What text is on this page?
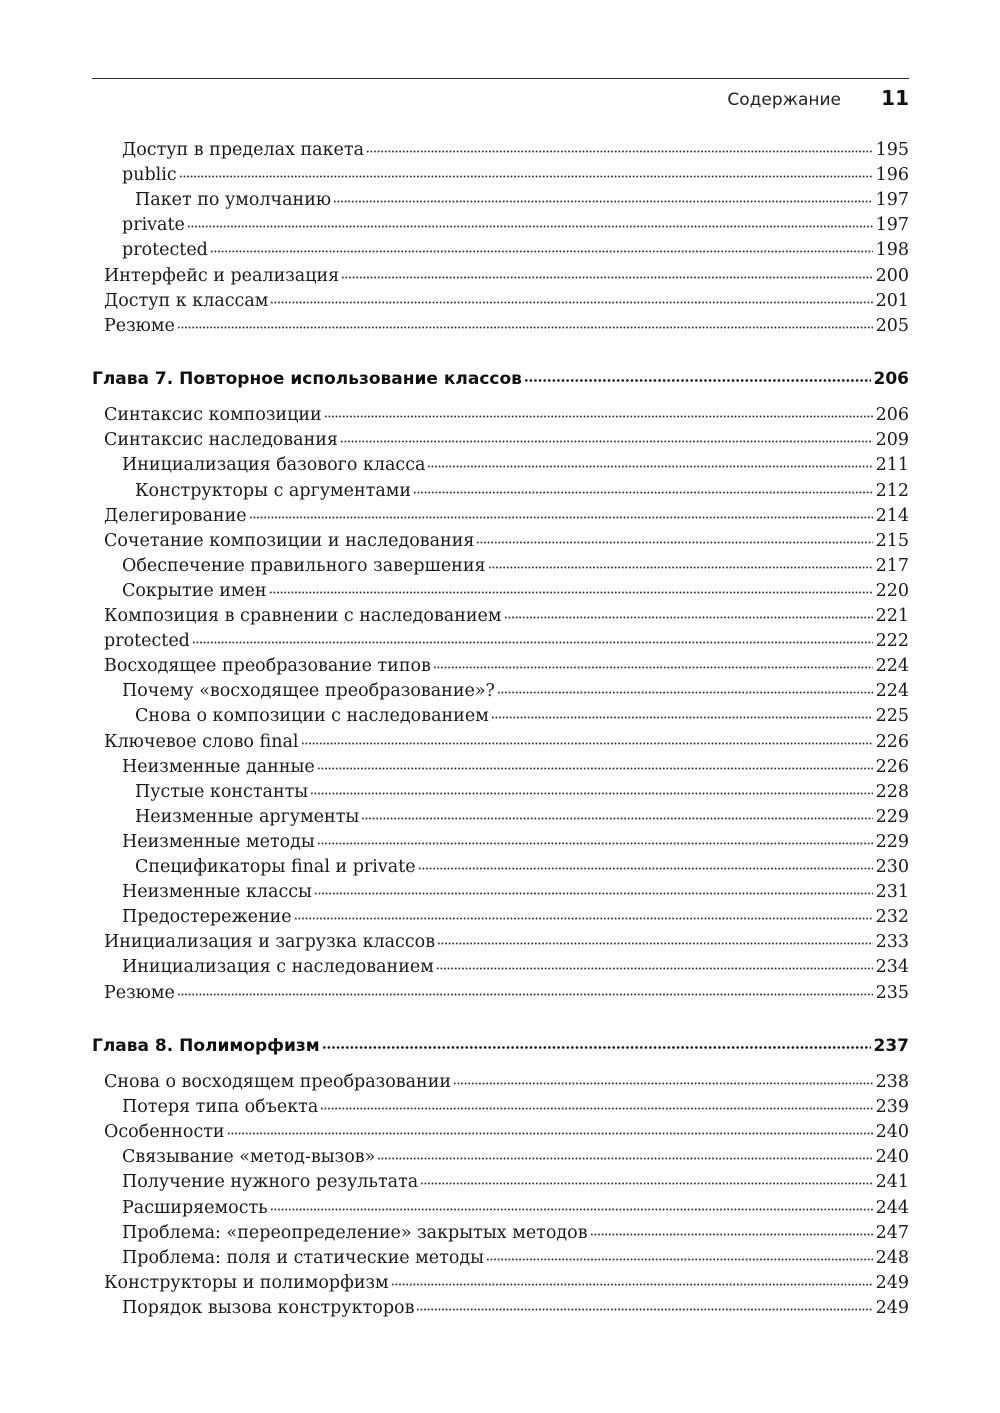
Содержание 11
Доступ в пределах пакета	195
public	196
Пакет по умолчанию	197
private	197
protected	198
Интерфейс и реализация	200
Доступ к классам	201
Резюме	205
Глава 7. Повторное использование классов	206
Синтаксис композиции	206
Синтаксис наследования	209
Инициализация базового класса	211
Конструкторы с аргументами	212
Делегирование	214
Сочетание композиции и наследования	215
Обеспечение правильного завершения	217
Сокрытие имен	220
Композиция в сравнении с наследованием	221
protected	222
Восходящее преобразование типов	224
Почему «восходящее преобразование»?	224
Снова о композиции с наследованием	225
Ключевое слово final	226
Неизменные данные	226
Пустые константы	228
Неизменные аргументы	229
Неизменные методы	229
Спецификаторы final и private	230
Неизменные классы	231
Предостережение	232
Инициализация и загрузка классов	233
Инициализация с наследованием	234
Резюме	235
Глава 8. Полиморфизм	237
Снова о восходящем преобразовании	238
Потеря типа объекта	239
Особенности	240
Связывание «метод-вызов»	240
Получение нужного результата	241
Расширяемость	244
Проблема: «переопределение» закрытых методов	247
Проблема: поля и статические методы	248
Конструкторы и полиморфизм	249
Порядок вызова конструкторов	249
